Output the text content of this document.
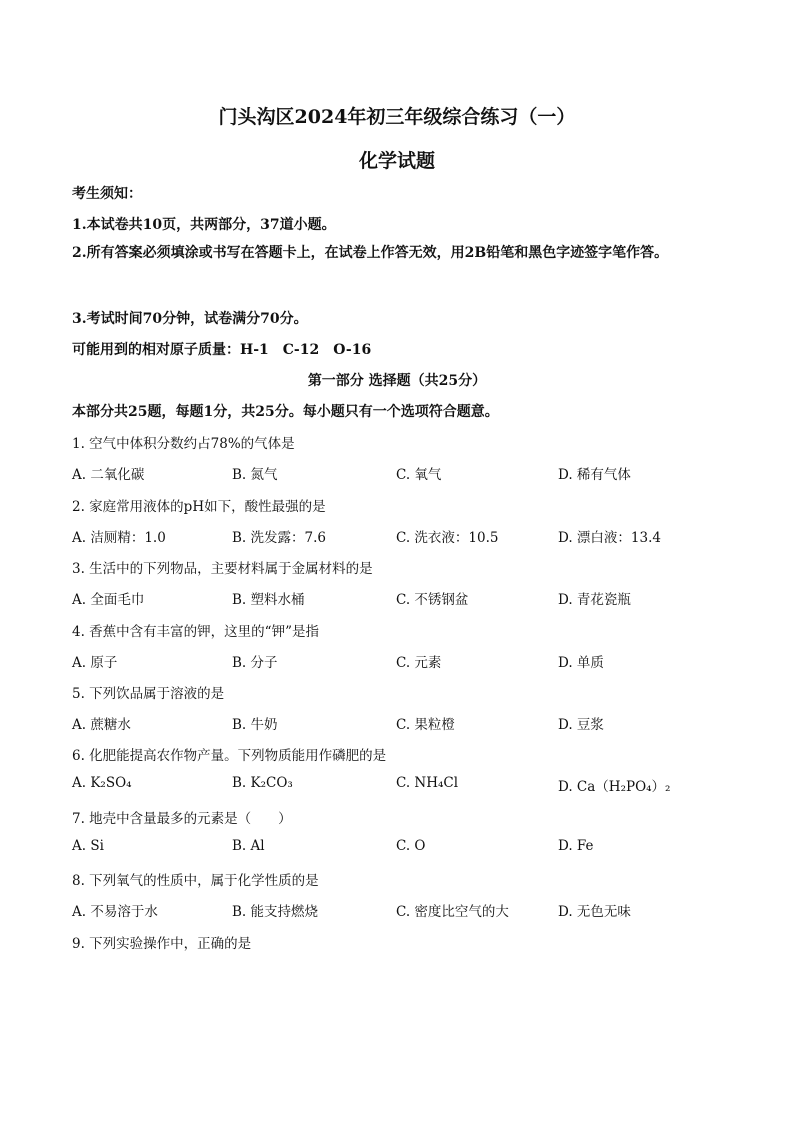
门头沟区2024年初三年级综合练习（一）
化学试题
考生须知：
1.本试卷共10页，共两部分，37道小题。
2.所有答案必须填涂或书写在答题卡上，在试卷上作答无效，用2B铅笔和黑色字迹签字笔作答。
3.考试时间70分钟，试卷满分70分。
可能用到的相对原子质量：H-1　C-12　O-16
第一部分 选择题（共25分）
本部分共25题，每题1分，共25分。每小题只有一个选项符合题意。
1. 空气中体积分数约占78%的气体是
A. 二氧化碳	B. 氮气	C. 氧气	D. 稀有气体
2. 家庭常用液体的pH如下，酸性最强的是
A. 洁厕精：1.0	B. 洗发露：7.6	C. 洗衣液：10.5	D. 漂白液：13.4
3. 生活中的下列物品，主要材料属于金属材料的是
A. 全面毛巾	B. 塑料水桶	C. 不锈钢盆	D. 青花瓷瓶
4. 香蕉中含有丰富的钾，这里的“钾”是指
A. 原子	B. 分子	C. 元素	D. 单质
5. 下列饮品属于溶液的是
A. 蔗糖水	B. 牛奶	C. 果粒橙	D. 豆浆
6. 化肥能提高农作物产量。下列物质能用作磷肥的是
A. K₂SO₄	B. K₂CO₃	C. NH₄Cl	D. Ca（H₂PO₄）₂
7. 地壳中含量最多的元素是（　　）
A. Si	B. Al	C. O	D. Fe
8. 下列氧气的性质中，属于化学性质的是
A. 不易溶于水	B. 能支持燃烧	C. 密度比空气的大	D. 无色无味
9. 下列实验操作中，正确的是
